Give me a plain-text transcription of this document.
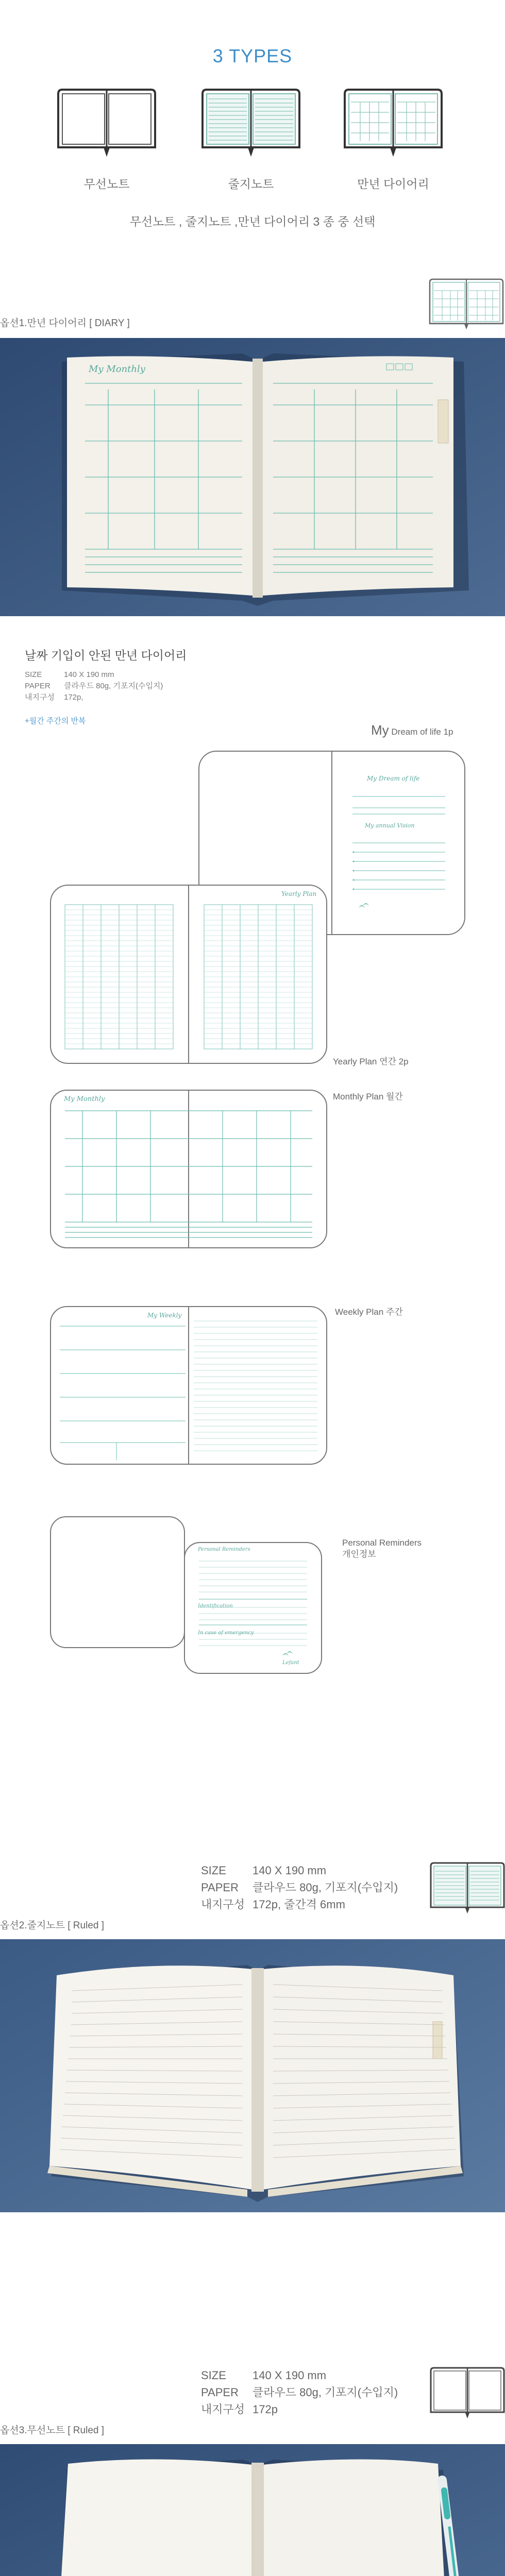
3 TYPES
무선노트	줄지노트	만년 다이어리
무선노트 , 줄지노트 ,만년 다이어리 3 종 중 선택
옵션1.만년 다이어리 [ DIARY ]
My Monthly
날짜 기입이 안된 만년 다이어리
SIZE	140 X 190 mm
PAPER 클라우드 80g, 기포지(수입지)
내지구성 172p,
+월간 주간의 반복
My Dream of life 1p
My Dream of life
My annual Vision
Yearly Plan
Yearly Plan 연간 2p
My Monthly	Monthly Plan 월간
My Weekly	Weekly Plan 주간
Personal Reminders
Identification
In case of emergency
Lefant
Personal Reminders
개인정보
SIZE 140 X 190 mm
PAPER 클라우드 80g, 기포지(수입지)
내지구성 172p, 줄간격 6mm
옵션2.줄지노트 [ Ruled ]
SIZE 140 X 190 mm
PAPER 클라우드 80g, 기포지(수입지)
내지구성 172p
옵션3.무선노트 [ Ruled ]
